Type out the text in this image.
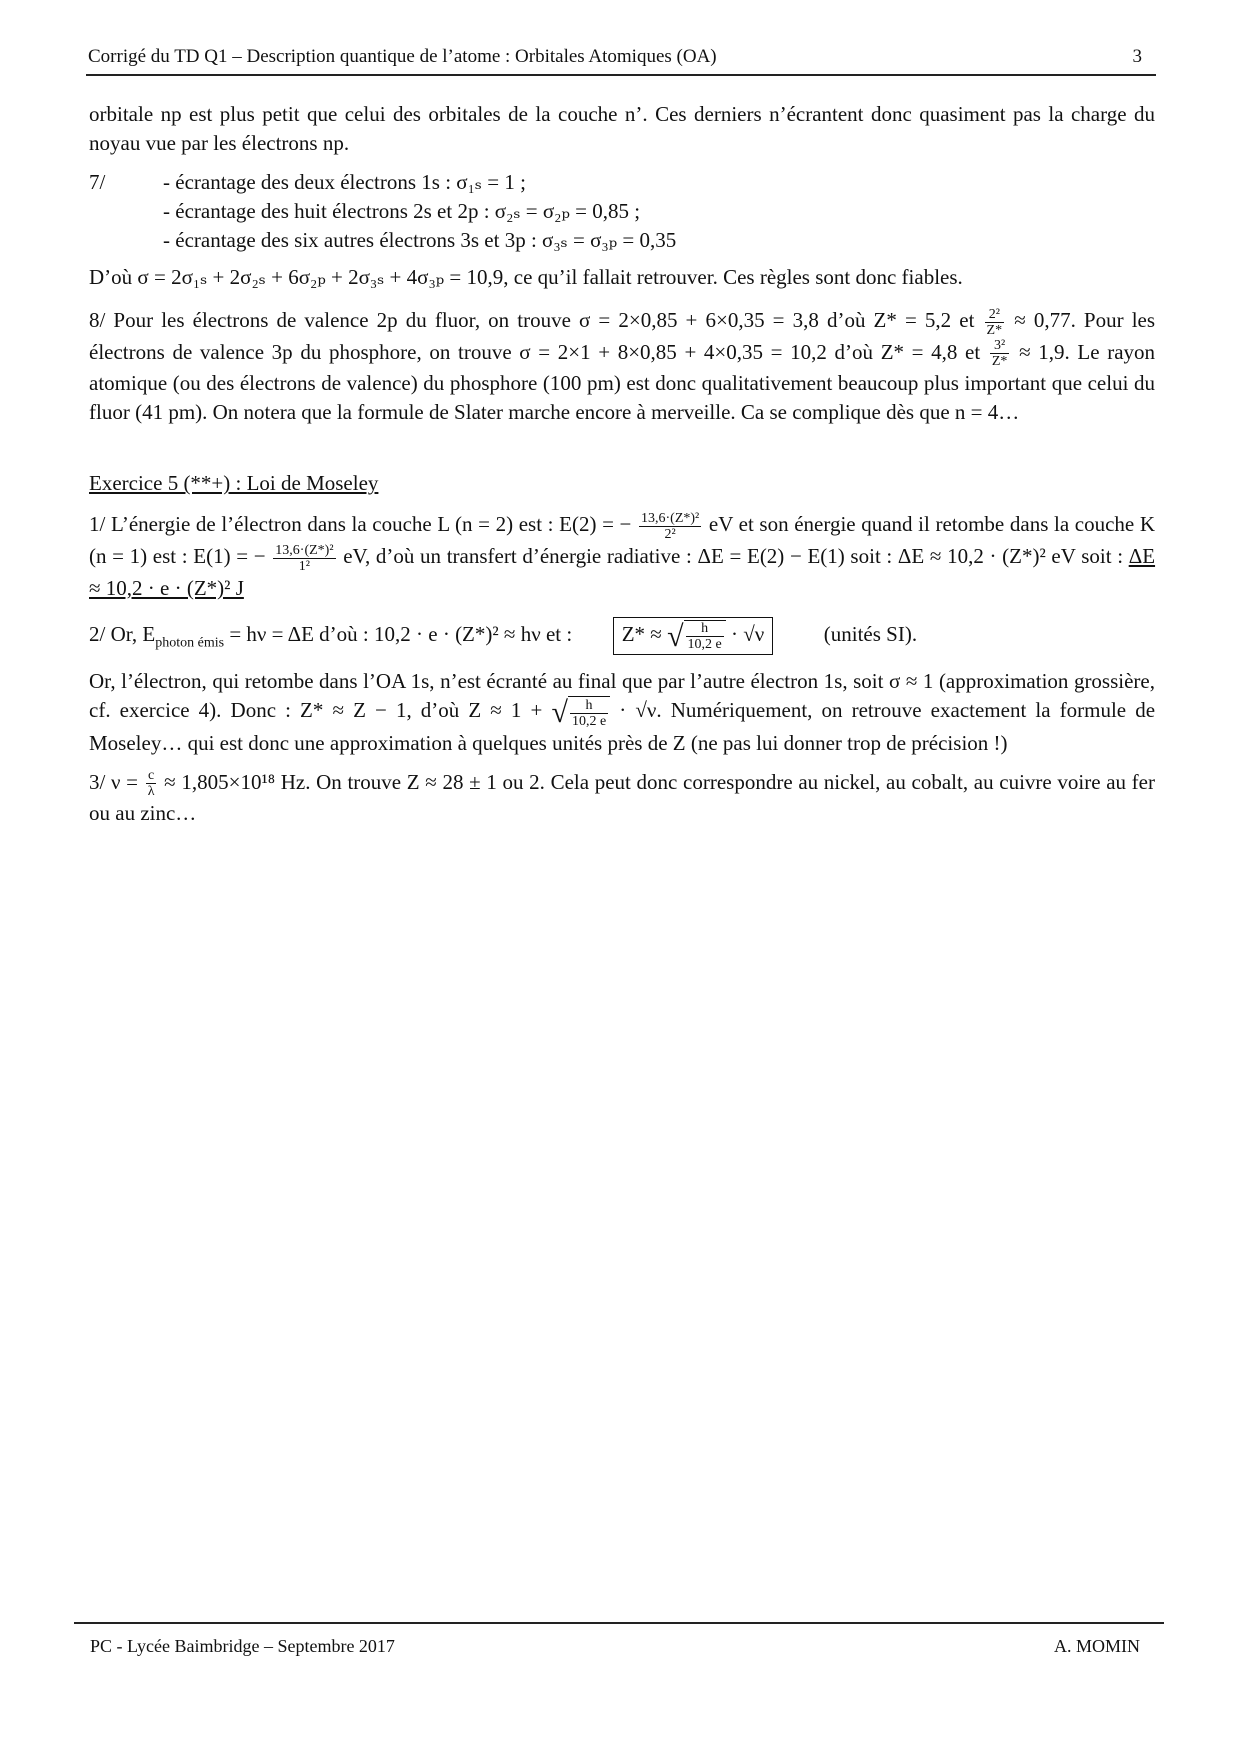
Corrigé du TD Q1 – Description quantique de l’atome : Orbitales Atomiques (OA)	3

orbitale np est plus petit que celui des orbitales de la couche n’. Ces derniers n’écrantent donc quasiment pas la charge du noyau vue par les électrons np.

7/	- écrantage des deux électrons 1s : σ₁ₛ = 1 ;
- écrantage des huit électrons 2s et 2p : σ₂ₛ = σ₂ₚ = 0,85 ;
- écrantage des six autres électrons 3s et 3p : σ₃ₛ = σ₃ₚ = 0,35

D’où σ = 2σ₁ₛ + 2σ₂ₛ + 6σ₂ₚ + 2σ₃ₛ + 4σ₃ₚ = 10,9, ce qu’il fallait retrouver. Ces règles sont donc fiables.

8/ Pour les électrons de valence 2p du fluor, on trouve σ = 2×0,85 + 6×0,35 = 3,8 d’où Z* = 5,2 et $\frac{\text{2²}}{Z*} \approx 0,77$. Pour les électrons de valence 3p du phosphore, on trouve σ = 2×1 + 8×0,85 + 4×0,35 = 10,2 d’où Z* = 4,8 et $\frac{\text{3²}}{Z*} \approx 1,9$. Le rayon atomique (ou des électrons de valence) du phosphore (100 pm) est donc qualitativement beaucoup plus important que celui du fluor (41 pm). On notera que la formule de Slater marche encore à merveille. Ca se complique dès que n = 4…

Exercice 5 (**+) : Loi de Moseley

1/ L’énergie de l’électron dans la couche L (n = 2) est : E(2) = − $\frac{\text{13,6·(Z*)²}}{\text{2²}}$ eV et son énergie quand il retombe dans la couche K (n = 1) est : E(1) = − $\frac{\text{13,6·(Z*)²}}{\text{1²}}$ eV, d’où un transfert d’énergie radiative : ΔE = E(2) − E(1) soit : ΔE ≈ 10,2 · (Z*)² eV soit : ΔE ≈ 10,2 · e · (Z*)² J

2/ Or, $E_{photon émis} = h\nu = \Delta E$ d’où : 10,2 · e · (Z*)² ≈ hν et : Z* ≈ √ $\frac{h}{10,2 e} \cdot √\nu$	(unités SI).

Or, l’électron, qui retombe dans l’OA 1s, n’est écranté au final que par l’autre électron 1s, soit σ ≈ 1 (approximation grossière, cf. exercice 4). Donc : Z* ≈ Z − 1, d’où Z ≈ 1 + √ $\frac{h}{10,2 e} \cdot √\nu$. Numériquement, on retrouve exactement la formule de Moseley… qui est donc une approximation à quelques unités près de Z (ne pas lui donner trop de précision !)

3/ $\nu = \frac{c}{\lambda} \approx 1,805\times 10^{18}$ Hz. On trouve Z ≈ 28 ± 1 ou 2. Cela peut donc correspondre au nickel, au cobalt, au cuivre voire au fer ou au zinc…

PC - Lycée Baimbridge – Septembre 2017	A. MOMIN
